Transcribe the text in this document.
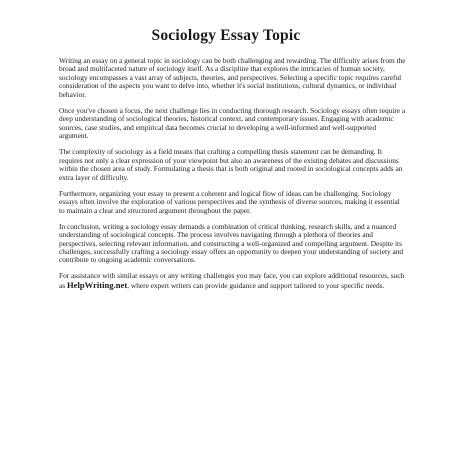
Sociology Essay Topic

Writing an essay on a general topic in sociology can be both challenging and rewarding. The difficulty arises from the broad and multifaceted nature of sociology itself. As a discipline that explores the intricacies of human society, sociology encompasses a vast array of subjects, theories, and perspectives. Selecting a specific topic requires careful consideration of the aspects you want to delve into, whether it's social institutions, cultural dynamics, or individual behavior.

Once you've chosen a focus, the next challenge lies in conducting thorough research. Sociology essays often require a deep understanding of sociological theories, historical context, and contemporary issues. Engaging with academic sources, case studies, and empirical data becomes crucial to developing a well-informed and well-supported argument.

The complexity of sociology as a field means that crafting a compelling thesis statement can be demanding. It requires not only a clear expression of your viewpoint but also an awareness of the existing debates and discussions within the chosen area of study. Formulating a thesis that is both original and rooted in sociological concepts adds an extra layer of difficulty.

Furthermore, organizing your essay to present a coherent and logical flow of ideas can be challenging. Sociology essays often involve the exploration of various perspectives and the synthesis of diverse sources, making it essential to maintain a clear and structured argument throughout the paper.

In conclusion, writing a sociology essay demands a combination of critical thinking, research skills, and a nuanced understanding of sociological concepts. The process involves navigating through a plethora of theories and perspectives, selecting relevant information, and constructing a well-organized and compelling argument. Despite its challenges, successfully crafting a sociology essay offers an opportunity to deepen your understanding of society and contribute to ongoing academic conversations.

For assistance with similar essays or any writing challenges you may face, you can explore additional resources, such as HelpWriting.net, where expert writers can provide guidance and support tailored to your specific needs.
